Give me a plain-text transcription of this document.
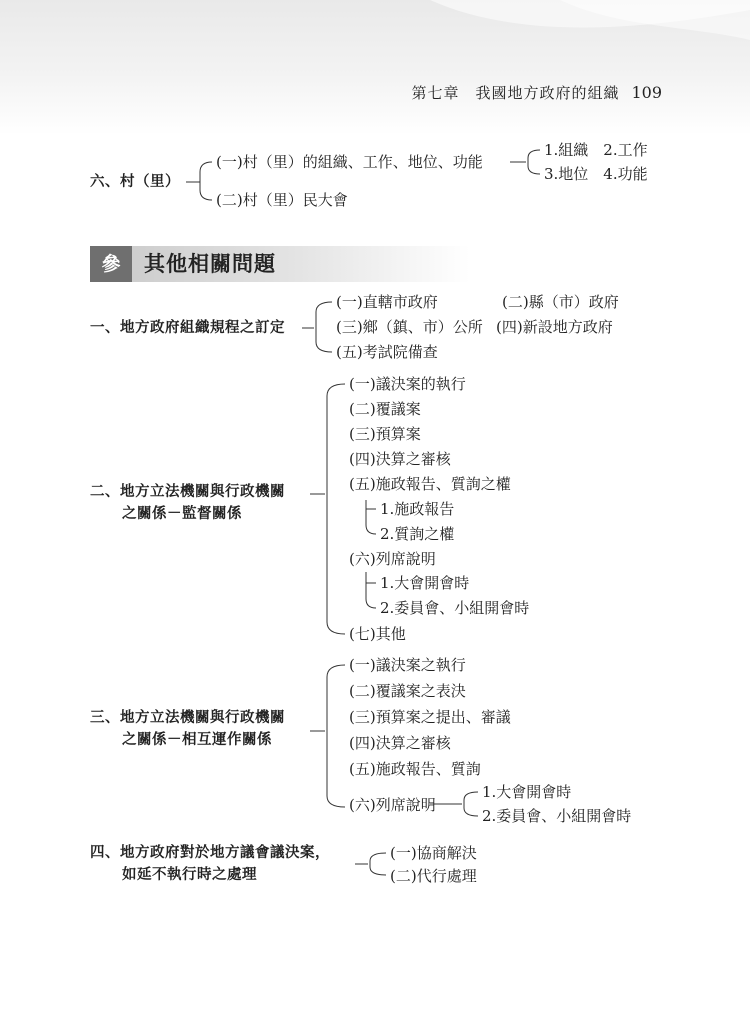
第七章　我國地方政府的組織 109
六、村（里）
(一)村（里）的組織、工作、地位、功能
(二)村（里）民大會
1.組織　2.工作
3.地位　4.功能
參	其他相關問題
一、地方政府組織規程之訂定
(一)直轄市政府	(二)縣（市）政府
(三)鄉（鎮、市）公所 (四)新設地方政府
(五)考試院備查
二、地方立法機關與行政機關
之關係－監督關係
(一)議決案的執行
(二)覆議案
(三)預算案
(四)決算之審核
(五)施政報告、質詢之權
1.施政報告
2.質詢之權
(六)列席說明
1.大會開會時
2.委員會、小組開會時
(七)其他
三、地方立法機關與行政機關
之關係－相互運作關係
(一)議決案之執行
(二)覆議案之表決
(三)預算案之提出、審議
(四)決算之審核
(五)施政報告、質詢
(六)列席說明
1.大會開會時
2.委員會、小組開會時
四、地方政府對於地方議會議決案，
如延不執行時之處理
(一)協商解決
(二)代行處理
